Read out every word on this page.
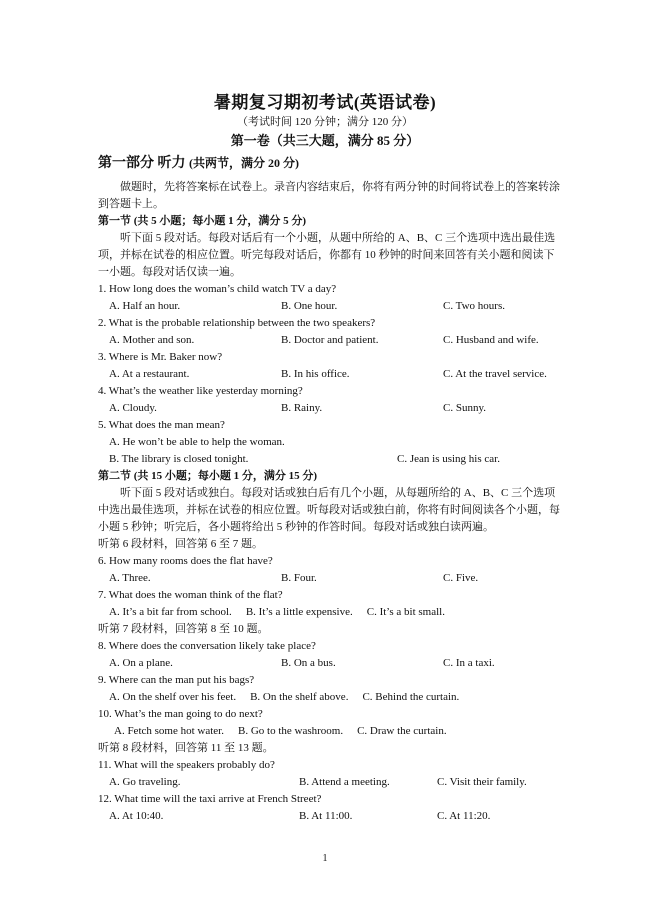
暑期复习期初考试(英语试卷)
（考试时间 120 分钟；满分 120 分）
第一卷（共三大题，满分 85 分）

第一部分 听力 (共两节，满分 20 分)

做题时，先将答案标在试卷上。录音内容结束后，你将有两分钟的时间将试卷上的答案转涂到答题卡上。

第一节 (共 5 小题；每小题 1 分，满分 5 分)

听下面 5 段对话。每段对话后有一个小题，从题中所给的 A、B、C 三个选项中选出最佳选项，并标在试卷的相应位置。听完每段对话后，你都有 10 秒钟的时间来回答有关小题和阅读下一小题。每段对话仅读一遍。

1. How long does the woman’s child watch TV a day?

A. Half an hour.	B. One hour.	C. Two hours.

2. What is the probable relationship between the two speakers?

A. Mother and son.	B. Doctor and patient.	C. Husband and wife.

3. Where is Mr. Baker now?

A. At a restaurant.	B. In his office.	C. At the travel service.

4. What’s the weather like yesterday morning?

A. Cloudy.	B. Rainy.	C. Sunny.

5. What does the man mean?

A. He won’t be able to help the woman.
B. The library is closed tonight.	C. Jean is using his car.

第二节 (共 15 小题；每小题 1 分，满分 15 分)

听下面 5 段对话或独白。每段对话或独白后有几个小题，从每题所给的 A、B、C 三个选项中选出最佳选项，并标在试卷的相应位置。听每段对话或独白前，你将有时间阅读各个小题，每小题 5 秒钟；听完后，各小题将给出 5 秒钟的作答时间。每段对话或独白读两遍。

听第 6 段材料，回答第 6 至 7 题。

6. How many rooms does the flat have?

A. Three.	B. Four.	C. Five.

7. What does the woman think of the flat?

A. It’s a bit far from school. B. It’s a little expensive. C. It’s a bit small.

听第 7 段材料，回答第 8 至 10 题。

8. Where does the conversation likely take place?

A. On a plane.	B. On a bus.	C. In a taxi.

9. Where can the man put his bags?

A. On the shelf over his feet. B. On the shelf above. C. Behind the curtain.

10. What’s the man going to do next?

A. Fetch some hot water. B. Go to the washroom. C. Draw the curtain.

听第 8 段材料，回答第 11 至 13 题。

11. What will the speakers probably do?

A. Go traveling.	B. Attend a meeting.	C. Visit their family.

12. What time will the taxi arrive at French Street?

A. At 10:40.	B. At 11:00.	C. At 11:20.
1
